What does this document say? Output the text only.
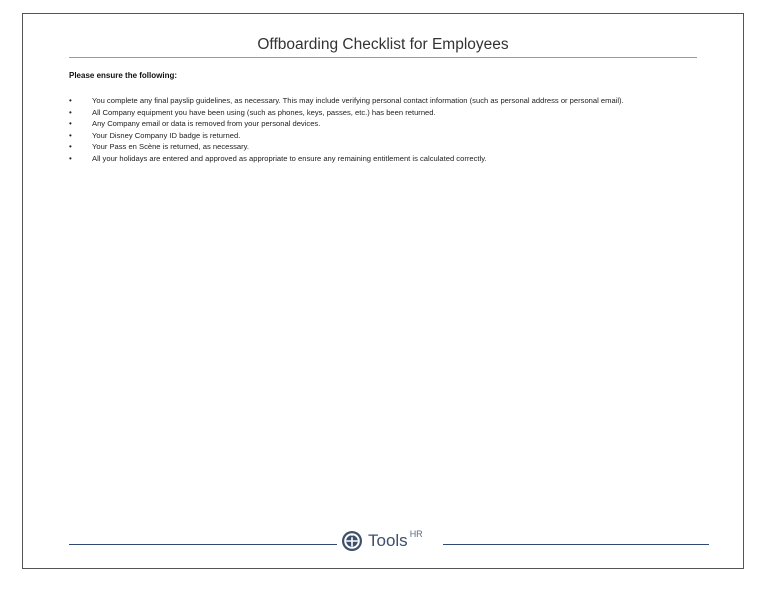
Offboarding Checklist for Employees
Please ensure the following:
•	You complete any final payslip guidelines, as necessary. This may include verifying personal contact information (such as personal address or personal email).
•	All Company equipment you have been using (such as phones, keys, passes, etc.) has been returned.
•	Any Company email or data is removed from your personal devices.
•	Your Disney Company ID badge is returned.
•	Your Pass en Scène is returned, as necessary.
•	All your holidays are entered and approved as appropriate to ensure any remaining entitlement is calculated correctly.
Tools HR
